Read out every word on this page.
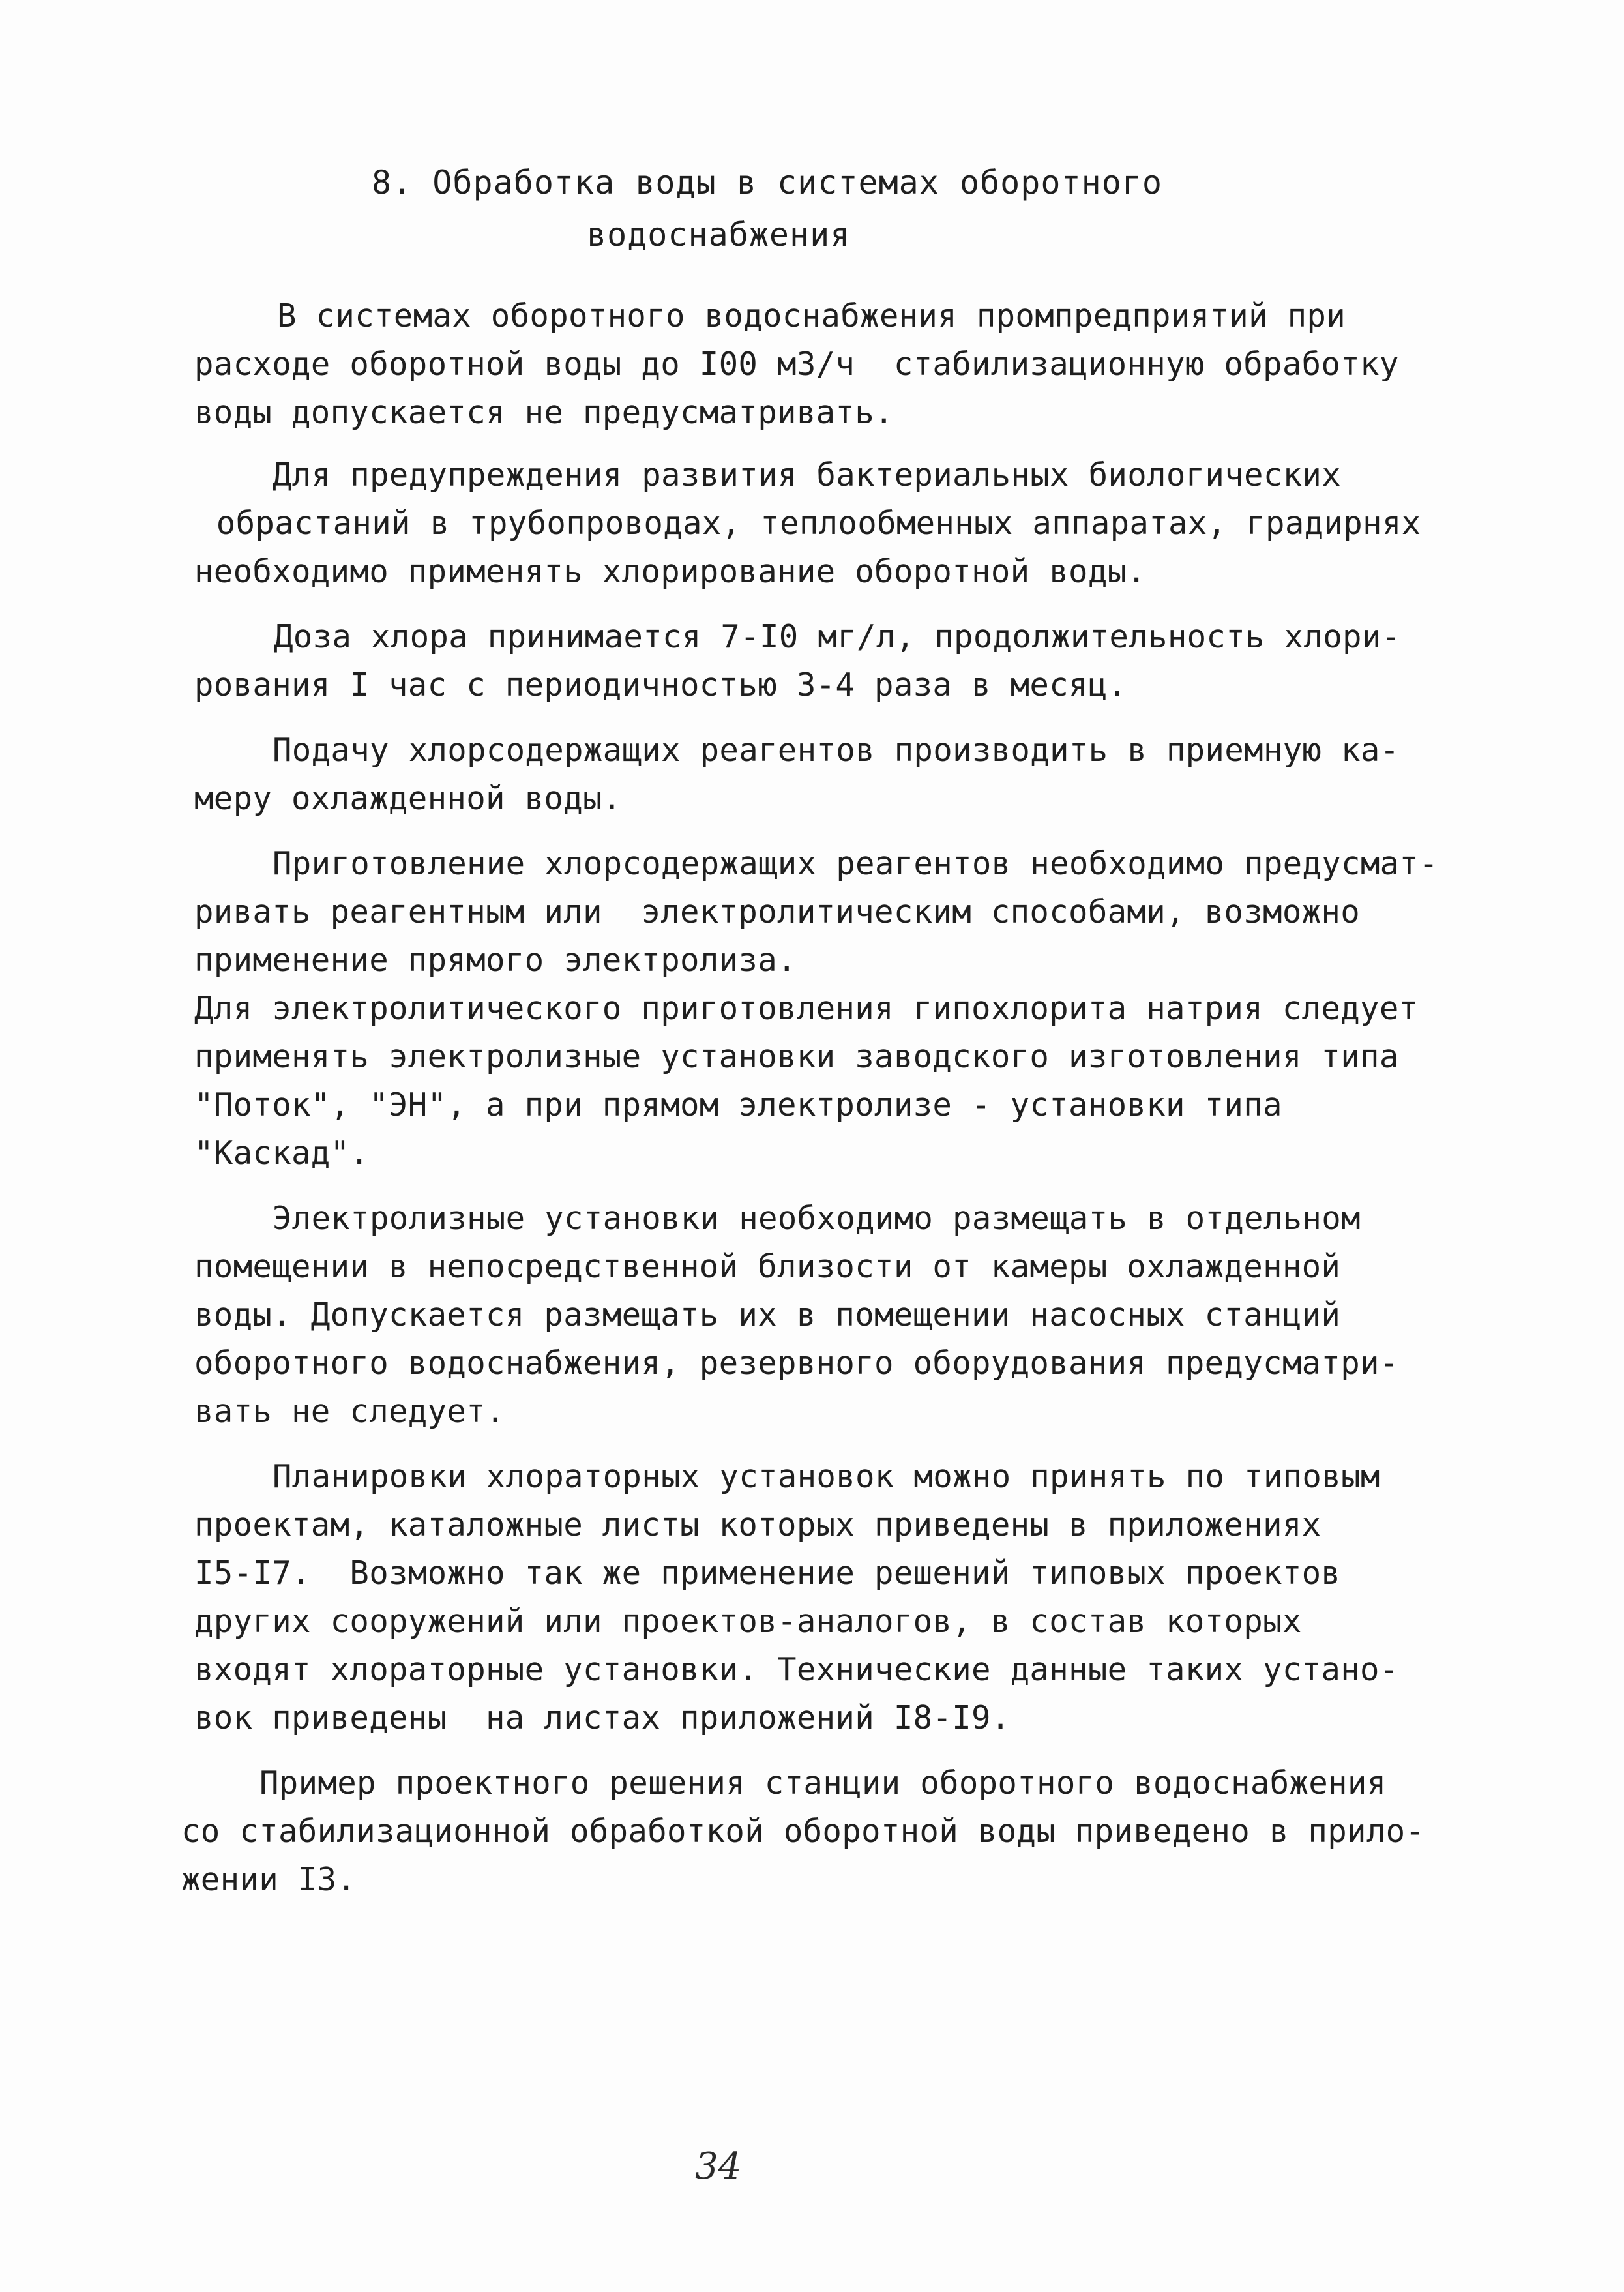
8. Обработка воды в системах оборотного
водоснабжения
В системах оборотного водоснабжения промпредприятий при
расходе оборотной воды до I00 м3/ч  стабилизационную обработку
воды допускается не предусматривать.
Для предупреждения развития бактериальных биологических
обрастаний в трубопроводах, теплообменных аппаратах, градирнях
необходимо применять хлорирование оборотной воды.
Доза хлора принимается 7-I0 мг/л, продолжительность хлори-
рования I час с периодичностью 3-4 раза в месяц.
Подачу хлорсодержащих реагентов производить в приемную ка-
меру охлажденной воды.
Приготовление хлорсодержащих реагентов необходимо предусмат-
ривать реагентным или  электролитическим способами, возможно
применение прямого электролиза.
Для электролитического приготовления гипохлорита натрия следует
применять электролизные установки заводского изготовления типа
"Поток", "ЭН", а при прямом электролизе - установки типа
"Каскад".
Электролизные установки необходимо размещать в отдельном
помещении в непосредственной близости от камеры охлажденной
воды. Допускается размещать их в помещении насосных станций
оборотного водоснабжения, резервного оборудования предусматри-
вать не следует.
Планировки хлораторных установок можно принять по типовым
проектам, каталожные листы которых приведены в приложениях
I5-I7.  Возможно так же применение решений типовых проектов
других сооружений или проектов-аналогов, в состав которых
входят хлораторные установки. Технические данные таких устано-
вок приведены  на листах приложений I8-I9.
Пример проектного решения станции оборотного водоснабжения
со стабилизационной обработкой оборотной воды приведено в прило-
жении I3.
34
